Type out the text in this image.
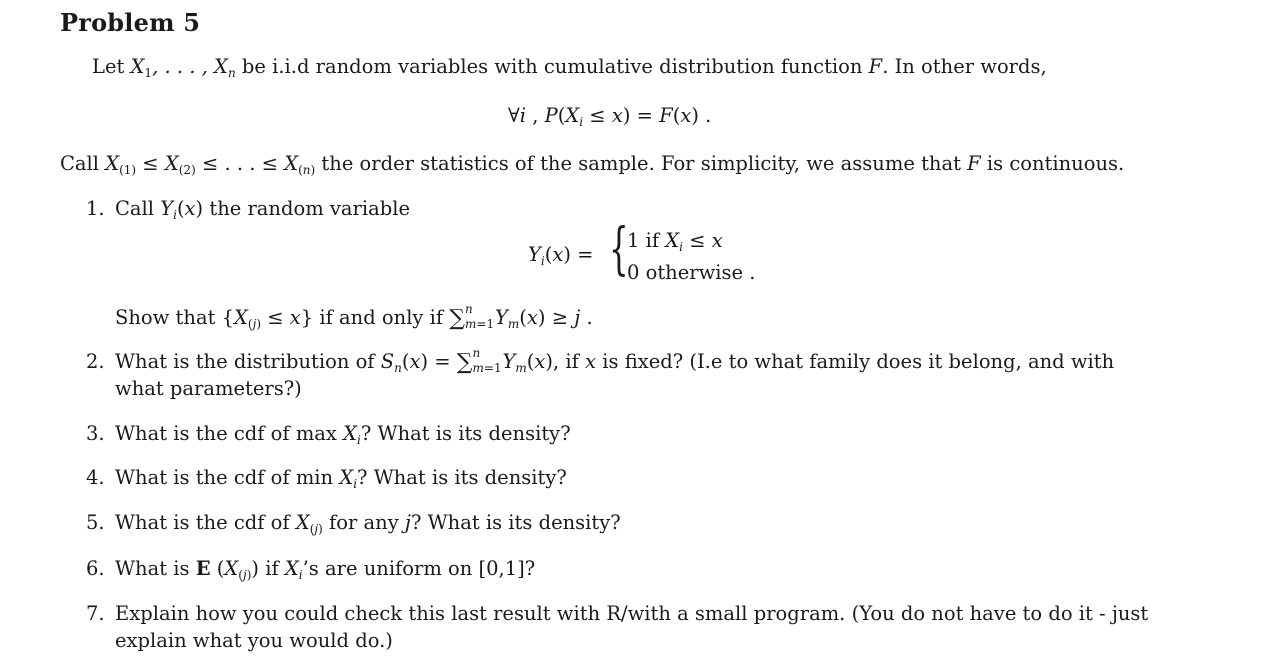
Problem 5
Let $X_1$, . . . , $X_n$ be i.i.d random variables with cumulative distribution function F. In other words,
∀i , $P(X_i \le x) = F(x)$ .
Call $X_{(1)} \le X_{(2)}$ ≤ . . . ≤ $X_{(n)}$ the order statistics of the sample. For simplicity, we assume that F is continuous.
1. Call $Y_i(x)$ the random variable
$Y_i(x)$ = {
1 if $X_i \le x$
0 otherwise .
Show that $\{X_{(j)} \le x\}$ if and only if ∑ n
m=1 $Y_m(x) \ge j$ .
2. What is the distribution of $S_n(x)$ = ∑ n
m=1 $Y_m(x)$, if x is fixed? (I.e to what family does it belong, and with
what parameters?)
3. What is the cdf of $\max X_i$? What is its density?
4. What is the cdf of $\min X_i$? What is its density?
5. What is the cdf of $X_{(j)}$ for any j? What is its density?
6. What is E $(X_{(j)})$ if $X_i’s$ are uniform on [0,1]?
7. Explain how you could check this last result with R/with a small program. (You do not have to do it - just
explain what you would do.)
